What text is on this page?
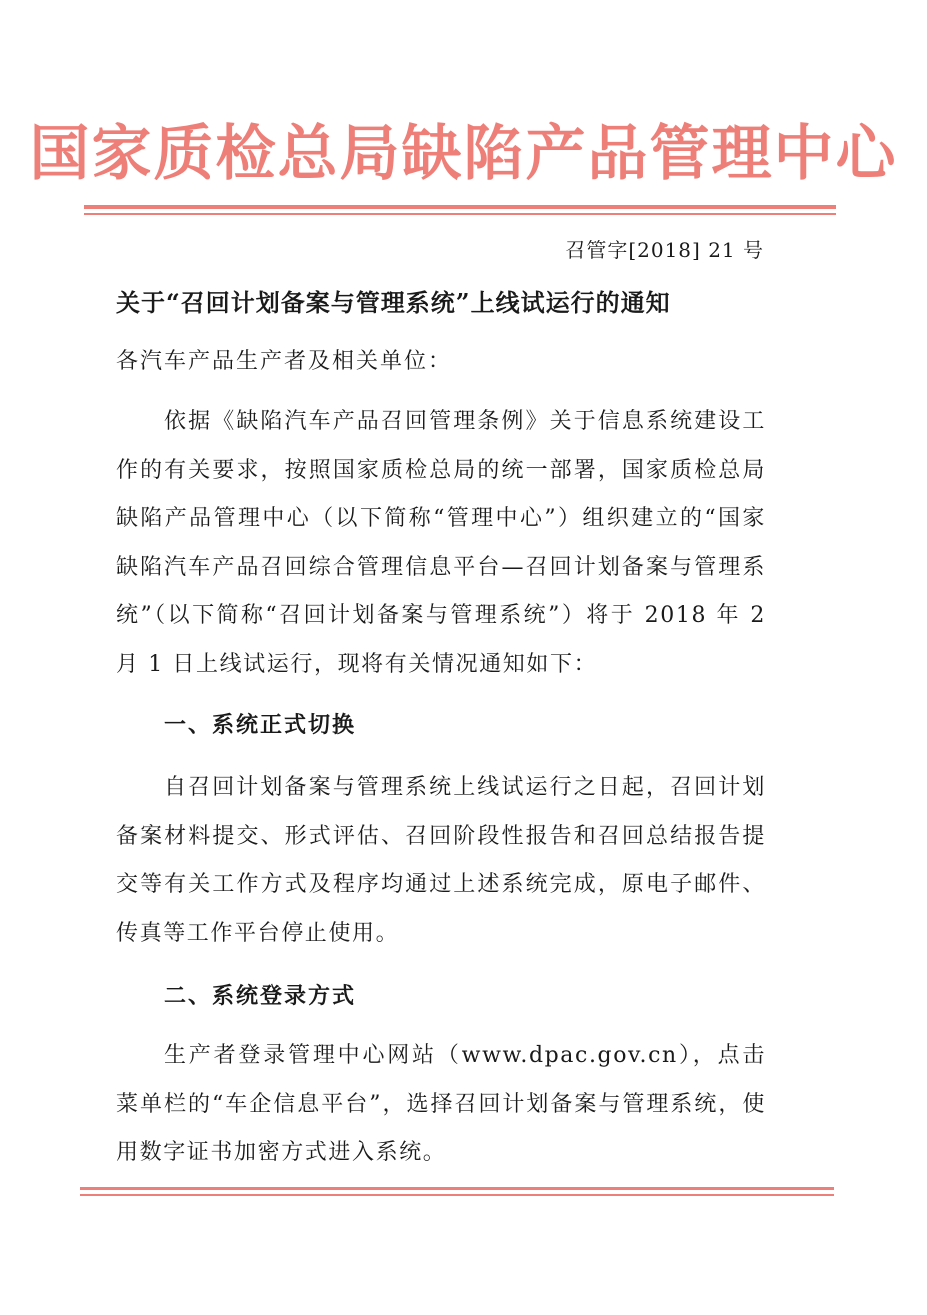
国家质检总局缺陷产品管理中心
召管字[2018] 21 号
关于“召回计划备案与管理系统”上线试运行的通知
各汽车产品生产者及相关单位：
依据《缺陷汽车产品召回管理条例》关于信息系统建设工作的有关要求，按照国家质检总局的统一部署，国家质检总局缺陷产品管理中心（以下简称“管理中心”）组织建立的“国家缺陷汽车产品召回综合管理信息平台—召回计划备案与管理系统”（以下简称“召回计划备案与管理系统”）将于 2018 年 2 月 1 日上线试运行，现将有关情况通知如下：
一、系统正式切换
自召回计划备案与管理系统上线试运行之日起，召回计划备案材料提交、形式评估、召回阶段性报告和召回总结报告提交等有关工作方式及程序均通过上述系统完成，原电子邮件、传真等工作平台停止使用。
二、系统登录方式
生产者登录管理中心网站（www.dpac.gov.cn），点击菜单栏的“车企信息平台”，选择召回计划备案与管理系统，使用数字证书加密方式进入系统。
